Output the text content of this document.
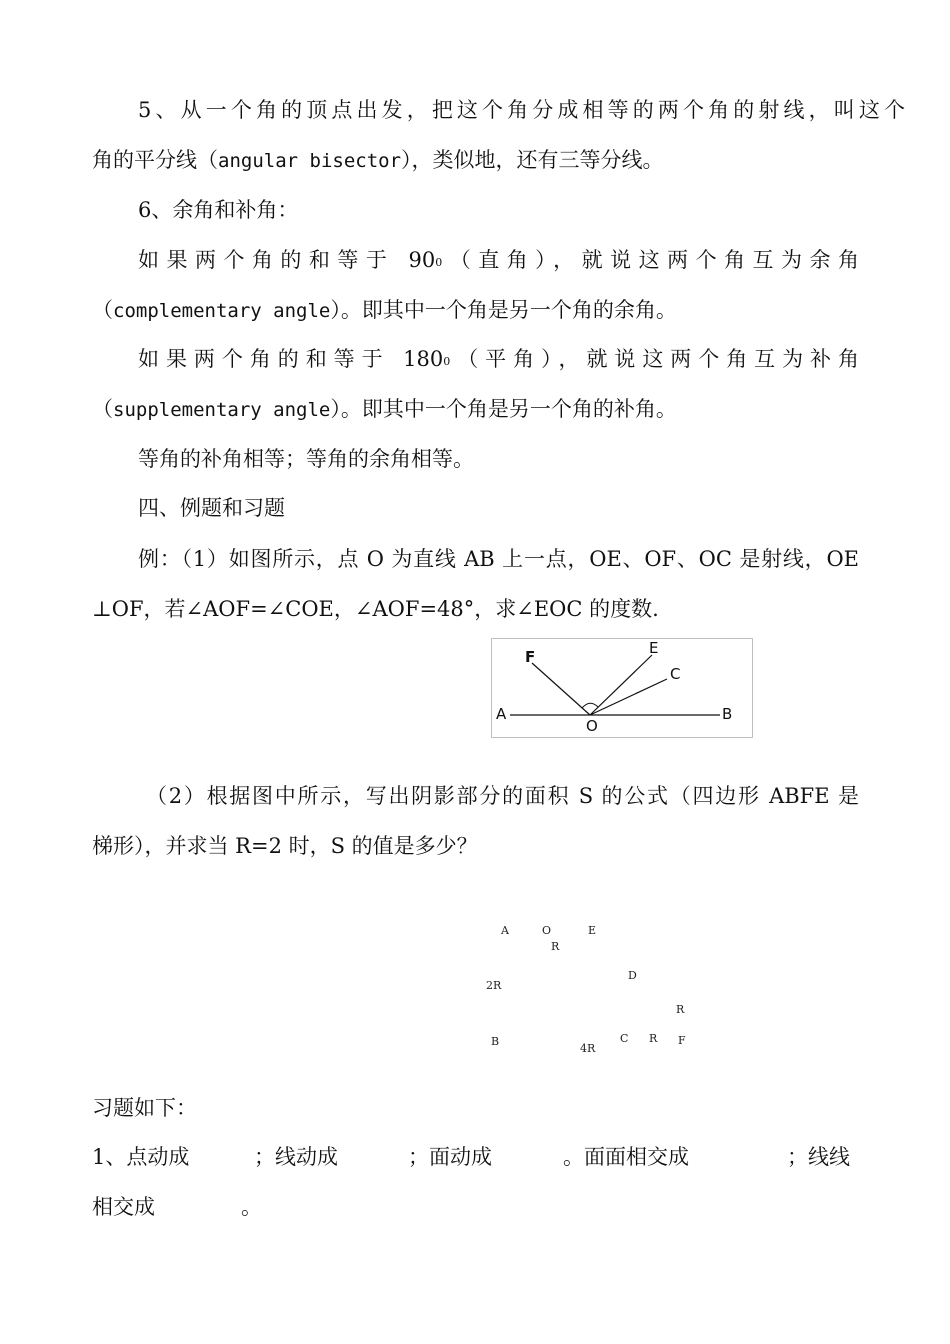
5、从一个角的顶点出发，把这个角分成相等的两个角的射线，叫这个
角的平分线（angular bisector），类似地，还有三等分线。
6、余角和补角：
如果两个角的和等于 900（直角），就说这两个角互为余角
（complementary angle）。即其中一个角是另一个角的余角。
如果两个角的和等于 1800（平角），就说这两个角互为补角
（supplementary angle）。即其中一个角是另一个角的补角。
等角的补角相等；等角的余角相等。
四、例题和习题
例：（1）如图所示，点 O 为直线 AB 上一点，OE、OF、OC 是射线，OE
⊥OF，若∠AOF=∠COE，∠AOF=48°，求∠EOC 的度数.
F	E
C
A
O
B
（2）根据图中所示，写出阴影部分的面积 S 的公式（四边形 ABFE 是
梯形），并求当 R=2 时，S 的值是多少？
A	O	E
R
D
2R
R
B	C R F
4R
习题如下：
1、点动成	；线动成	；面动成	。面面相交成	；线线
相交成	。
